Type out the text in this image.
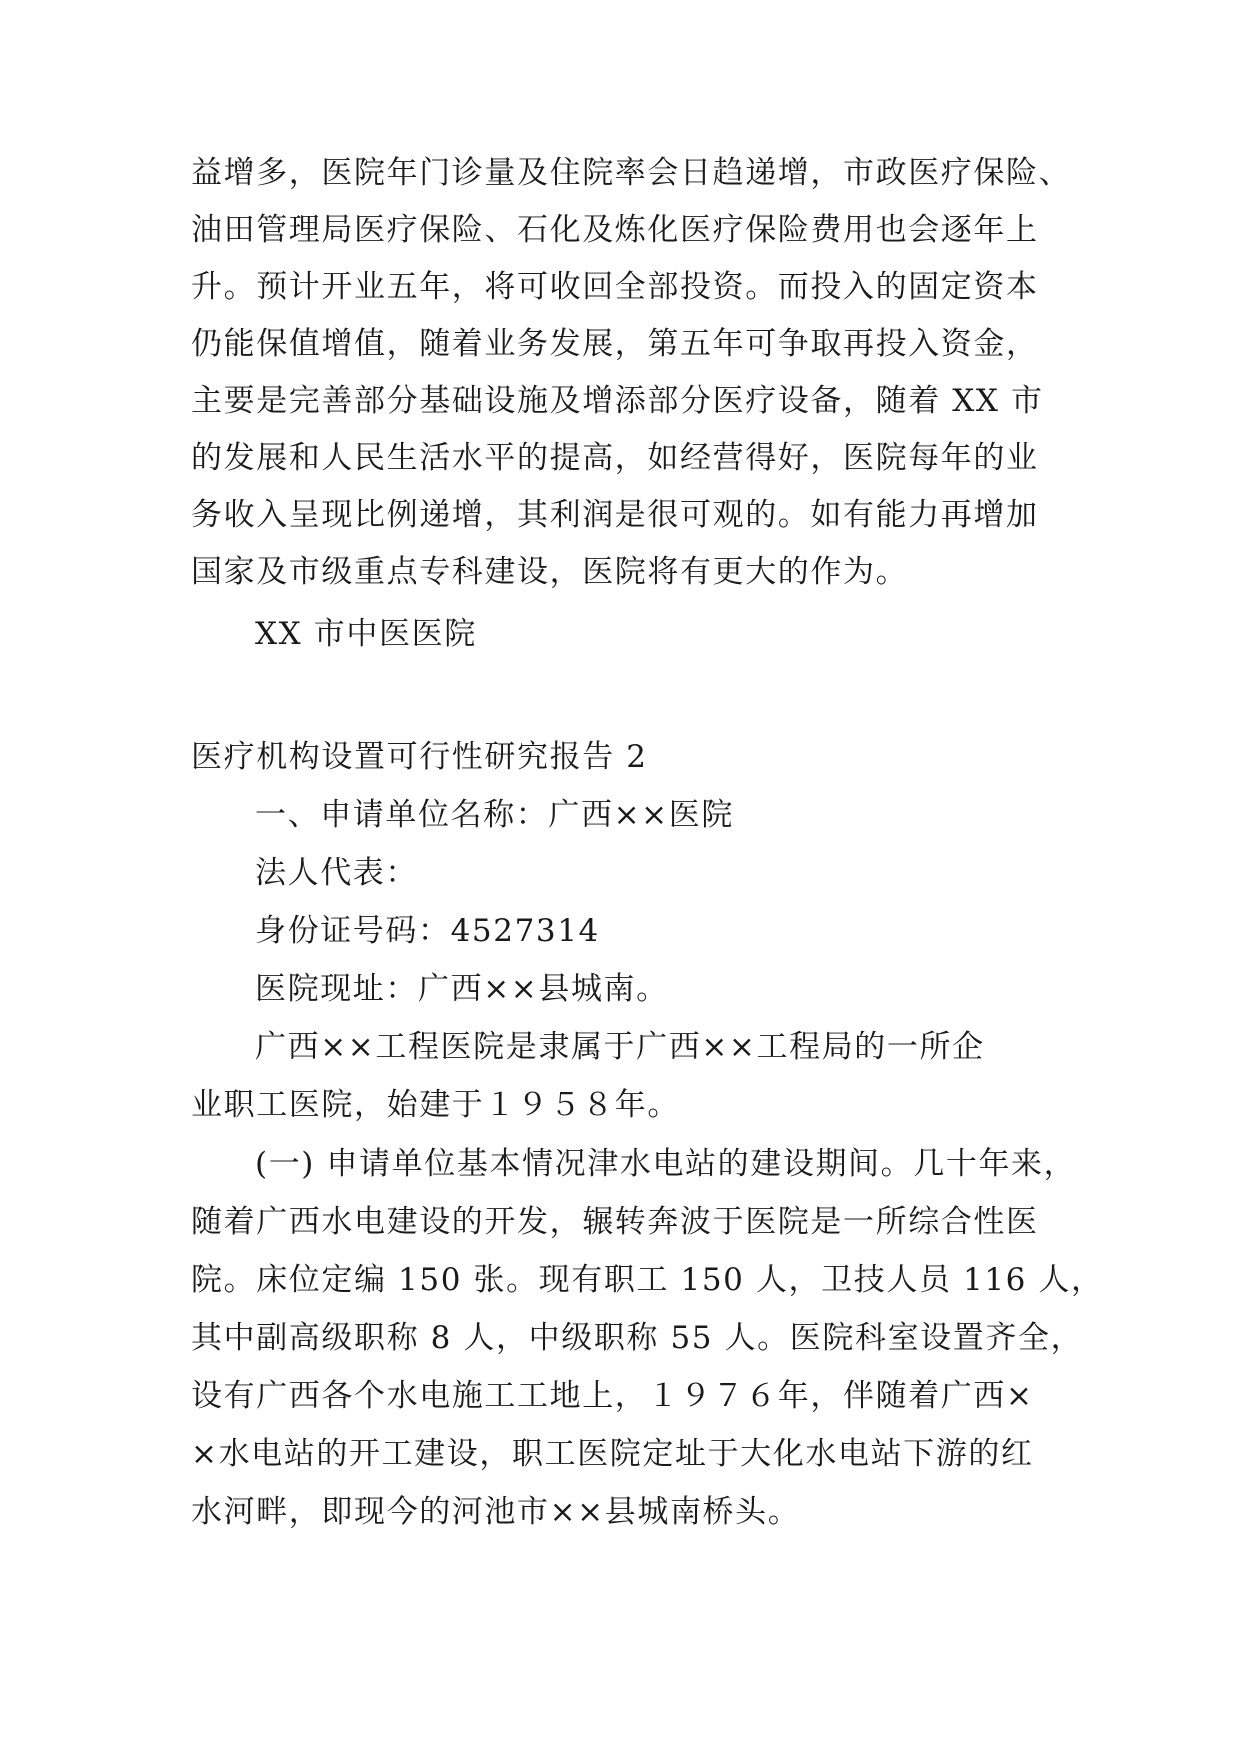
益增多，医院年门诊量及住院率会日趋递增，市政医疗保险、
油田管理局医疗保险、石化及炼化医疗保险费用也会逐年上
升。预计开业五年，将可收回全部投资。而投入的固定资本
仍能保值增值，随着业务发展，第五年可争取再投入资金，
主要是完善部分基础设施及增添部分医疗设备，随着 XX 市
的发展和人民生活水平的提高，如经营得好，医院每年的业
务收入呈现比例递增，其利润是很可观的。如有能力再增加
国家及市级重点专科建设，医院将有更大的作为。
XX 市中医医院
医疗机构设置可行性研究报告 2
一、申请单位名称：广西××医院
法人代表：
身份证号码：4527314
医院现址：广西××县城南。
广西××工程医院是隶属于广西××工程局的一所企
业职工医院，始建于１９５８年。
(一) 申请单位基本情况津水电站的建设期间。几十年来，
随着广西水电建设的开发，辗转奔波于医院是一所综合性医
院。床位定编 150 张。现有职工 150 人，卫技人员 116 人，
其中副高级职称 8 人，中级职称 55 人。医院科室设置齐全，
设有广西各个水电施工工地上，１９７６年，伴随着广西×
×水电站的开工建设，职工医院定址于大化水电站下游的红
水河畔，即现今的河池市××县城南桥头。
